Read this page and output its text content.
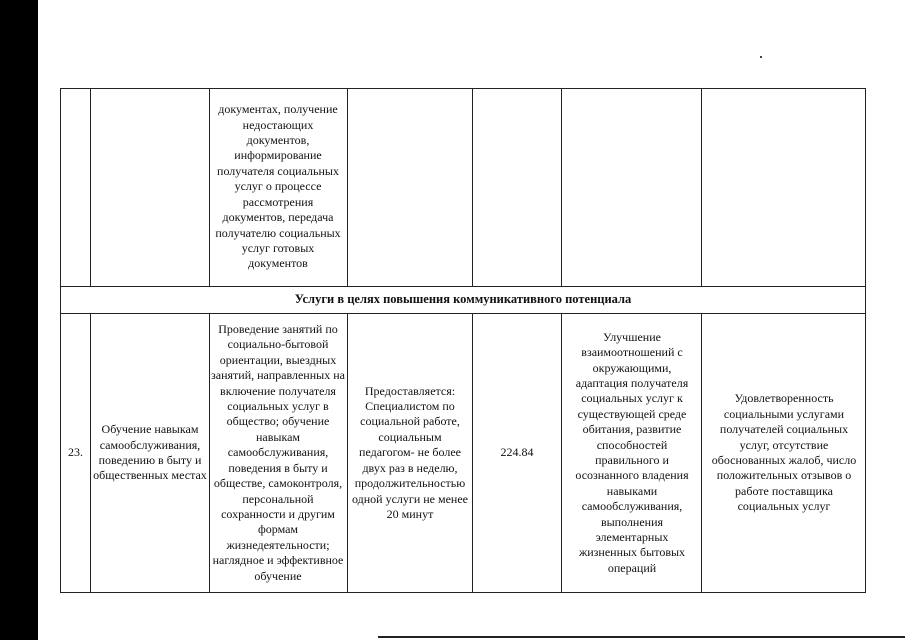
документах, получение недостающих документов, информирование получателя социальных услуг о процессе рассмотрения документов, передача получателю социальных услуг готовых документов
Услуги в целях повышения коммуникативного потенциала
23.
Обучение навыкам самообслуживания, поведению в быту и общественных местах
Проведение занятий по социально-бытовой ориентации, выездных занятий, направленных на включение получателя социальных услуг в общество; обучение навыкам самообслуживания, поведения в быту и обществе, самоконтроля, персональной сохранности и другим формам жизнедеятельности; наглядное и эффективное обучение
Предоставляется: Специалистом по социальной работе, социальным педагогом- не более двух раз в неделю, продолжительностью одной услуги не менее 20 минут
224.84
Улучшение взаимоотношений с окружающими, адаптация получателя социальных услуг к существующей среде обитания, развитие способностей правильного и осознанного владения навыками самообслуживания, выполнения элементарных жизненных бытовых операций
Удовлетворенность социальными услугами получателей социальных услуг, отсутствие обоснованных жалоб, число положительных отзывов о работе поставщика социальных услуг
